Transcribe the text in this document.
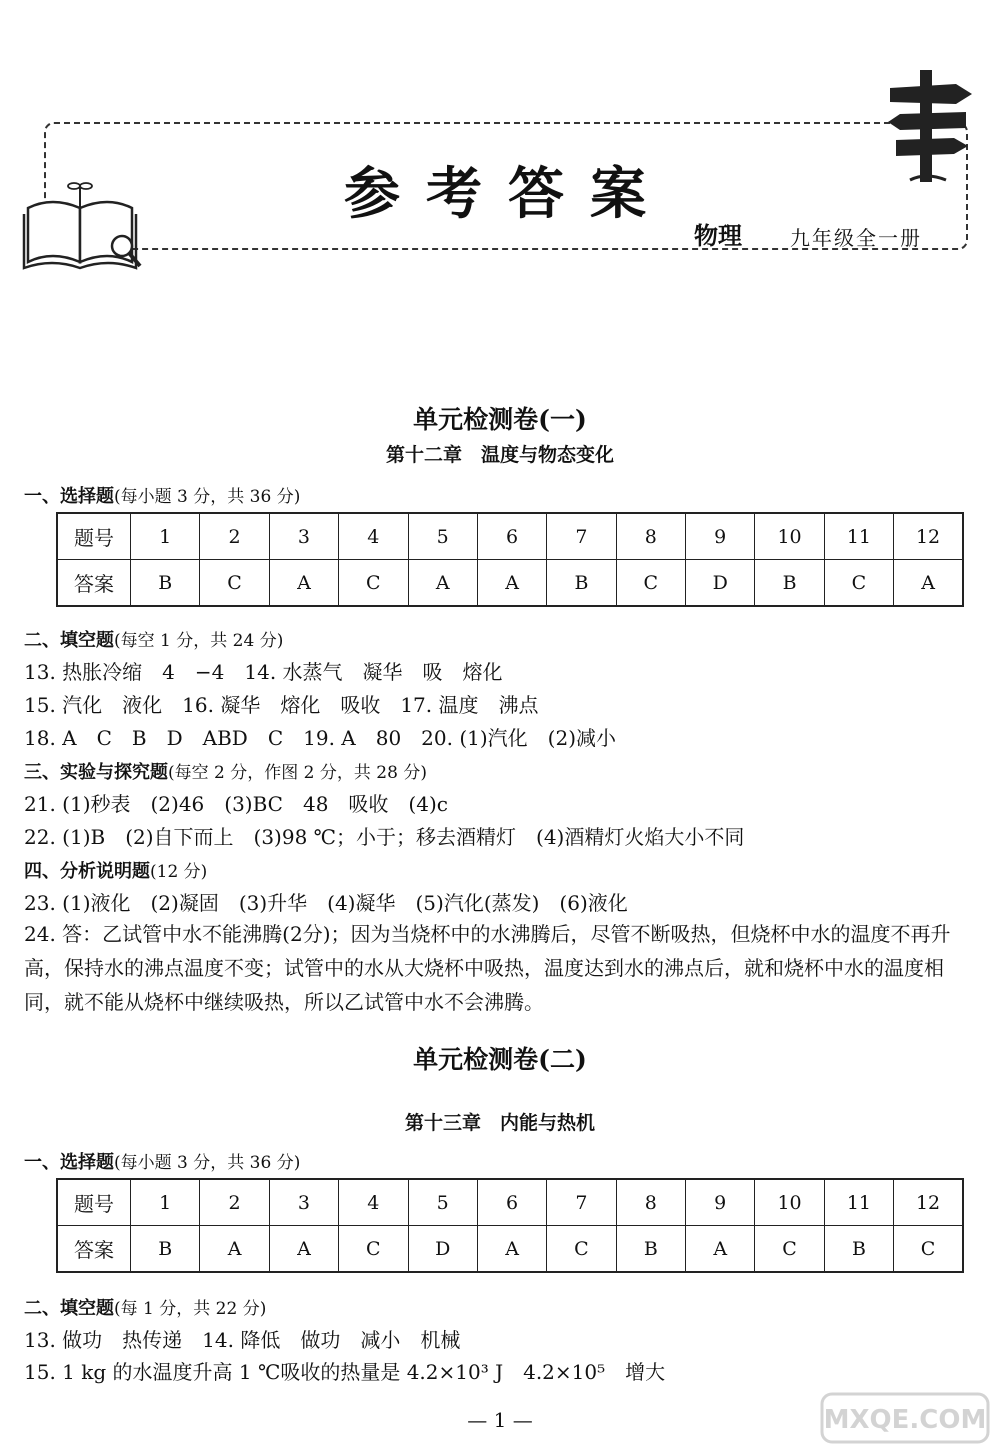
参考答案
物理 九年级全一册
单元检测卷(一)
第十二章　温度与物态变化
一、选择题(每小题 3 分，共 36 分)
题号	1	2	3	4	5	6	7	8	9	10	11	12
答案	B	C	A	C	A	A	B	C	D	B	C	A
二、填空题(每空 1 分，共 24 分)
13. 热胀冷缩　4　−4　14. 水蒸气　凝华　吸　熔化
15. 汽化　液化　16. 凝华　熔化　吸收　17. 温度　沸点
18. A　C　B　D　ABD　C　19. A　80　20. (1)汽化　(2)减小
三、实验与探究题(每空 2 分，作图 2 分，共 28 分)
21. (1)秒表　(2)46　(3)BC　48　吸收　(4)c
22. (1)B　(2)自下而上　(3)98 ℃；小于；移去酒精灯　(4)酒精灯火焰大小不同
四、分析说明题(12 分)
23. (1)液化　(2)凝固　(3)升华　(4)凝华　(5)汽化(蒸发)　(6)液化
24. 答：乙试管中水不能沸腾(2分)；因为当烧杯中的水沸腾后，尽管不断吸热，但烧杯中水的温度不再升高，保持水的沸点温度不变；试管中的水从大烧杯中吸热，温度达到水的沸点后，就和烧杯中水的温度相同，就不能从烧杯中继续吸热，所以乙试管中水不会沸腾。
单元检测卷(二)
第十三章　内能与热机
一、选择题(每小题 3 分，共 36 分)
题号	1	2	3	4	5	6	7	8	9	10	11	12
答案	B	A	A	C	D	A	C	B	A	C	B	C
二、填空题(每 1 分，共 22 分)
13. 做功　热传递　14. 降低　做功　减小　机械
15. 1 kg 的水温度升高 1 ℃吸收的热量是 4.2×10³ J　4.2×10⁵　增大
— 1 —	MXQE.COM
